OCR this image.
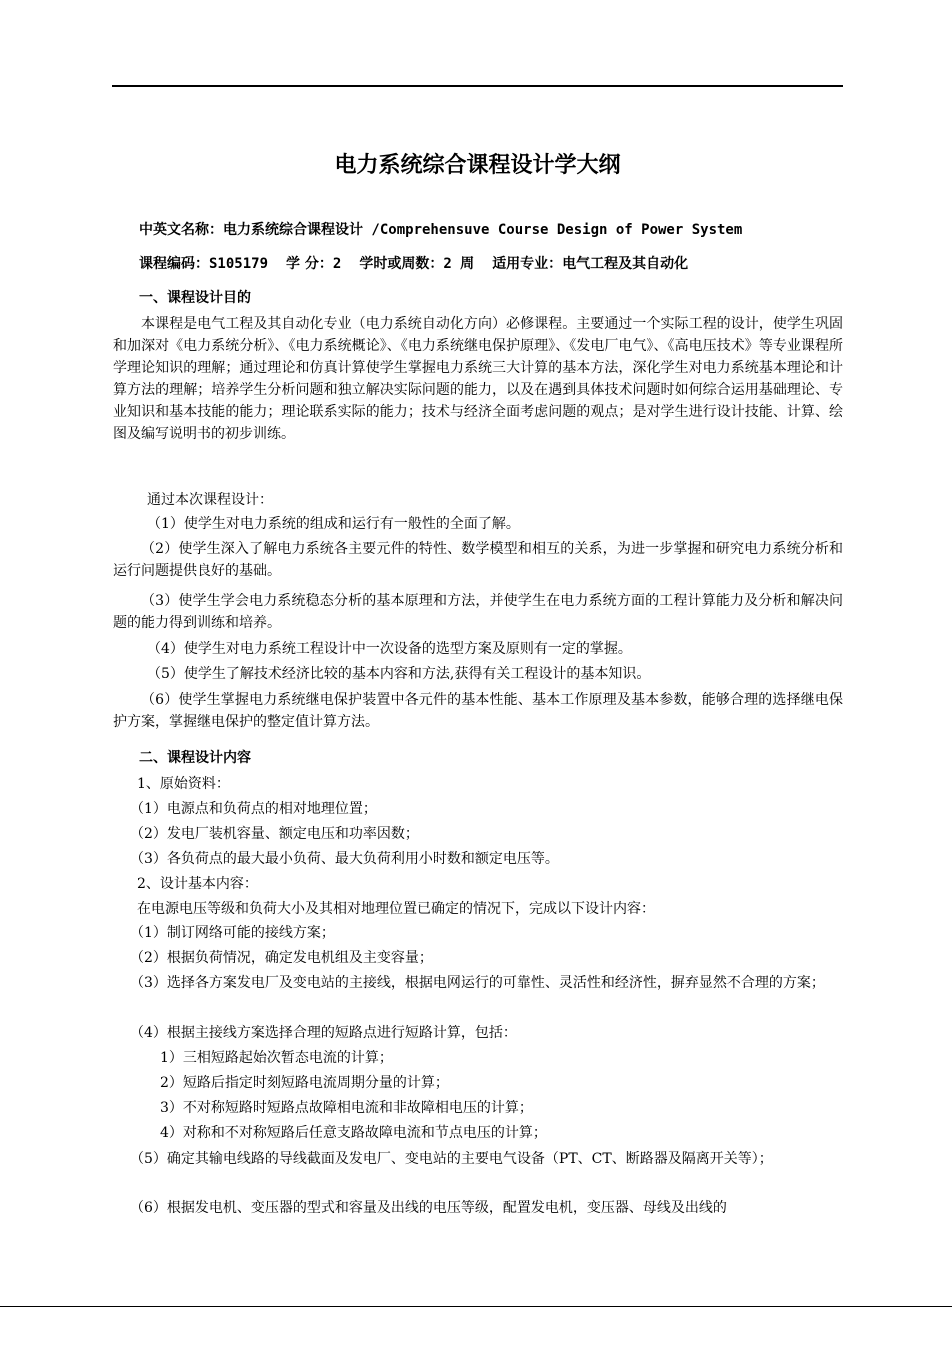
电力系统综合课程设计学大纲
中英文名称：电力系统综合课程设计 /Comprehensuve Course Design of Power System
课程编码：S105179 学 分：2 学时或周数：2 周 适用专业：电气工程及其自动化
一、课程设计目的

本课程是电气工程及其自动化专业（电力系统自动化方向）必修课程。主要通过一个实际工程的设计，使学生巩固和加深对《电力系统分析》、《电力系统概论》、《电力系统继电保护原理》、《发电厂电气》、《高电压技术》等专业课程所学理论知识的理解；通过理论和仿真计算使学生掌握电力系统三大计算的基本方法，深化学生对电力系统基本理论和计算方法的理解；培养学生分析问题和独立解决实际问题的能力，以及在遇到具体技术问题时如何综合运用基础理论、专业知识和基本技能的能力；理论联系实际的能力；技术与经济全面考虑问题的观点；是对学生进行设计技能、计算、绘图及编写说明书的初步训练。

通过本次课程设计：
（1）使学生对电力系统的组成和运行有一般性的全面了解。

（2）使学生深入了解电力系统各主要元件的特性、数学模型和相互的关系，为进一步掌握和研究电力系统分析和运行问题提供良好的基础。

（3）使学生学会电力系统稳态分析的基本原理和方法，并使学生在电力系统方面的工程计算能力及分析和解决问题的能力得到训练和培养。

（4）使学生对电力系统工程设计中一次设备的选型方案及原则有一定的掌握。
（5）使学生了解技术经济比较的基本内容和方法,获得有关工程设计的基本知识。

（6）使学生掌握电力系统继电保护装置中各元件的基本性能、基本工作原理及基本参数，能够合理的选择继电保护方案，掌握继电保护的整定值计算方法。

二、课程设计内容
1、原始资料：
（1）电源点和负荷点的相对地理位置；
（2）发电厂装机容量、额定电压和功率因数；
（3）各负荷点的最大最小负荷、最大负荷利用小时数和额定电压等。
2、设计基本内容：
在电源电压等级和负荷大小及其相对地理位置已确定的情况下，完成以下设计内容：
（1）制订网络可能的接线方案；
（2）根据负荷情况，确定发电机组及主变容量；

（3）选择各方案发电厂及变电站的主接线，根据电网运行的可靠性、灵活性和经济性，摒弃显然不合理的方案；

（4）根据主接线方案选择合理的短路点进行短路计算，包括：
1）三相短路起始次暂态电流的计算；
2）短路后指定时刻短路电流周期分量的计算；
3）不对称短路时短路点故障相电流和非故障相电压的计算；
4）对称和不对称短路后任意支路故障电流和节点电压的计算；

（5）确定其输电线路的导线截面及发电厂、变电站的主要电气设备（PT、CT、断路器及隔离开关等）；

（6）根据发电机、变压器的型式和容量及出线的电压等级，配置发电机，变压器、母线及出线的
